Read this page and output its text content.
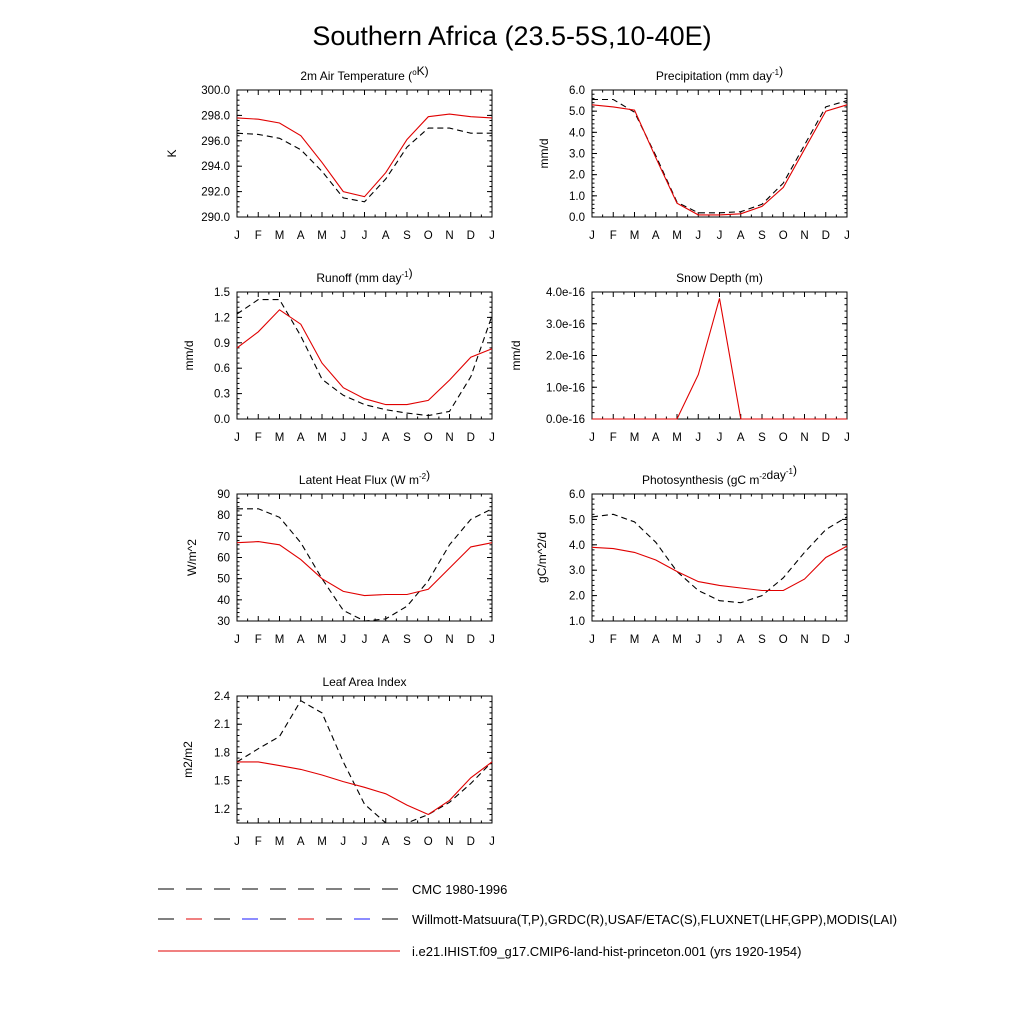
Southern Africa (23.5-5S,10-40E)
2m Air Temperature ($^o$K)
J F M A M J J A S O N D J
290.0
292.0
294.0
296.0
298.0
300.0
K
Precipitation (mm day$^{-1}$)
J F M A M J J A S O N D J
0.0
1.0
2.0
3.0
4.0
5.0
6.0
mm/d
Runoff (mm day$^{-1}$)
J F M A M J J A S O N D J
0.0
0.3
0.6
0.9
1.2
1.5
mm/d
Snow Depth (m)
J F M A M J J A S O N D J
0.0e-16
1.0e-16
2.0e-16
3.0e-16
4.0e-16
mm/d
Latent Heat Flux (W $m^{-2}$)
J F M A M J J A S O N D J
30
40
50
60
70
80
90
W/m^2
Photosynthesis (gC $m^{-2}day^{-1}$)
J F M A M J J A S O N D J
1.0
2.0
3.0
4.0
5.0
6.0
gC/m^2/d
Leaf Area Index
J F M A M J J A S O N D J
1.2
1.5
1.8
2.1
2.4
m2/m2
CMC 1980-1996
Willmott-Matsuura(T,P),GRDC(R),USAF/ETAC(S),FLUXNET(LHF,GPP),MODIS(LAI)
i.e21.IHIST.f09_g17.CMIP6-land-hist-princeton.001 (yrs 1920-1954)
